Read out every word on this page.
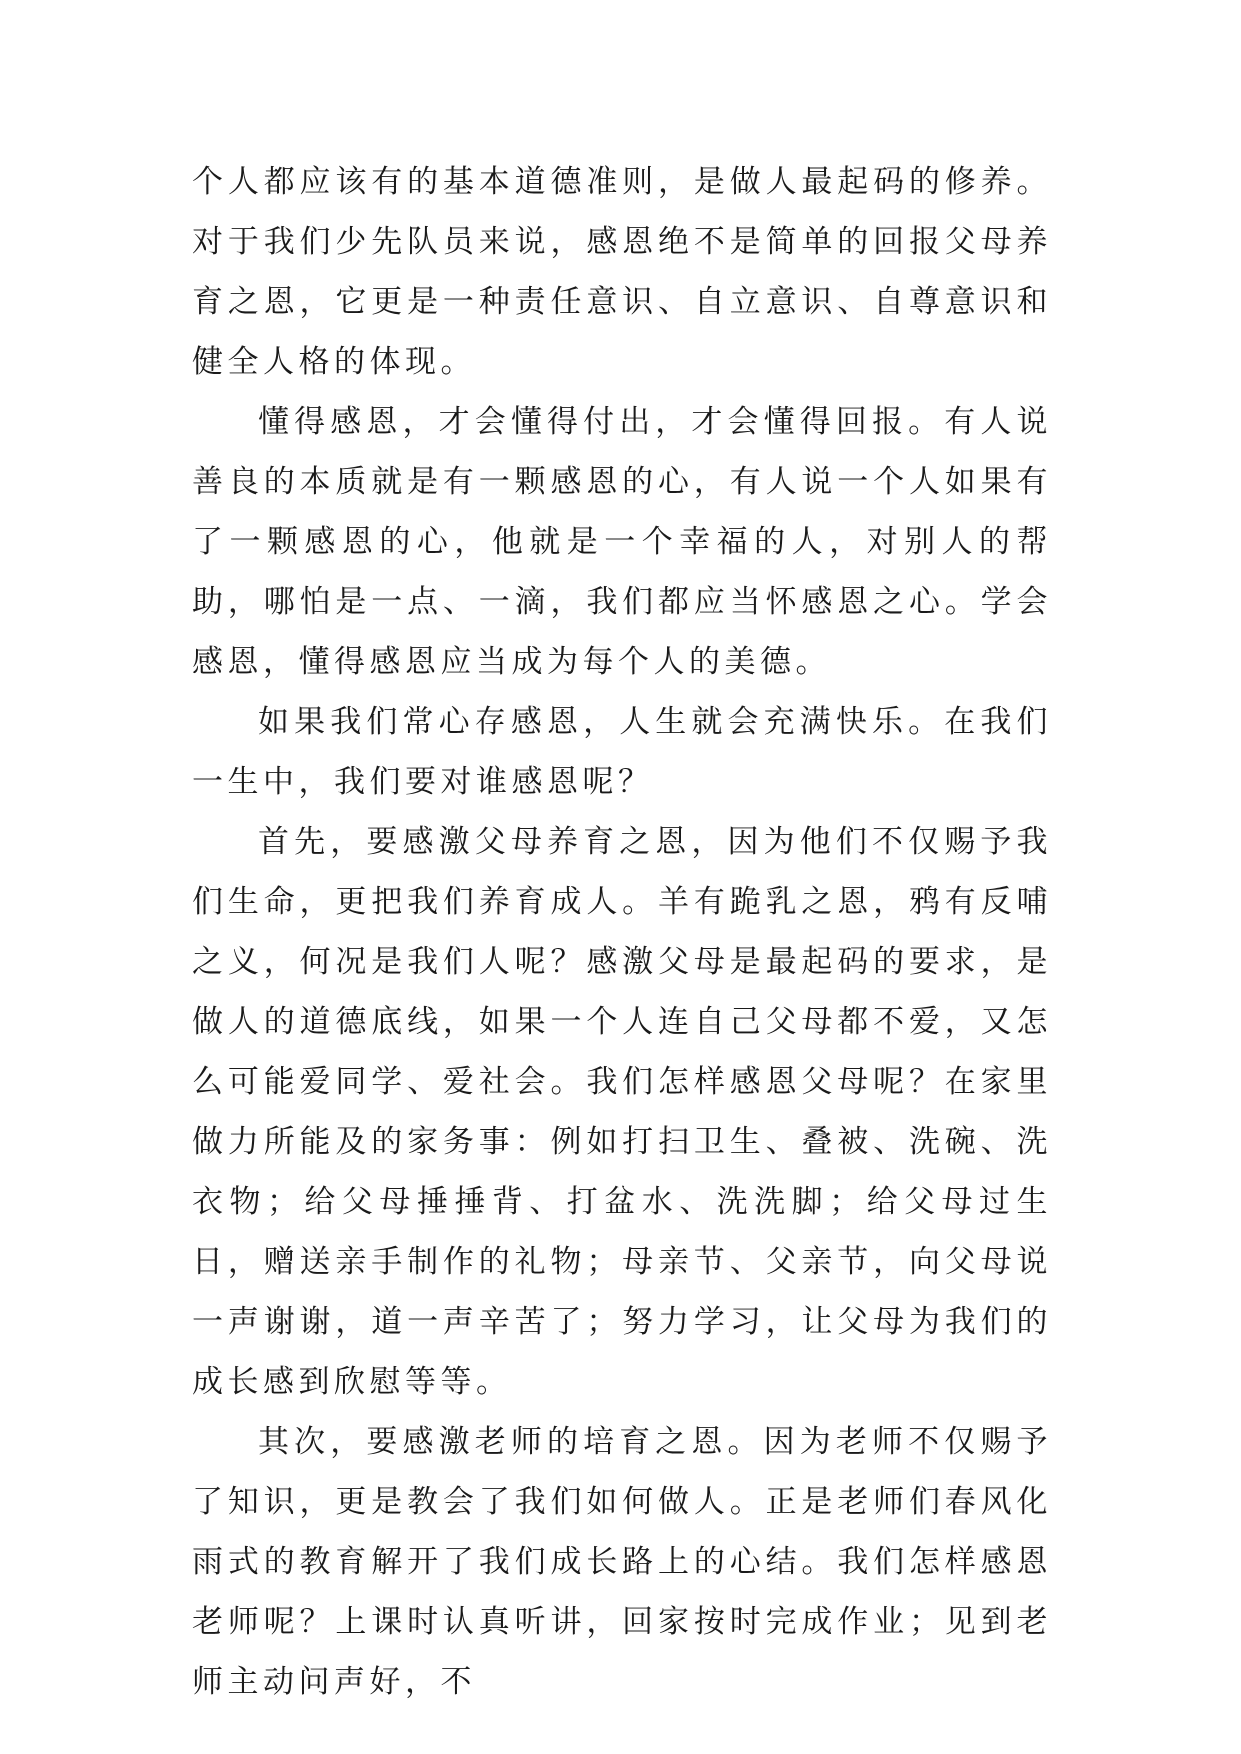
个人都应该有的基本道德准则，是做人最起码的修养。对于我们少先队员来说，感恩绝不是简单的回报父母养育之恩，它更是一种责任意识、自立意识、自尊意识和健全人格的体现。

懂得感恩，才会懂得付出，才会懂得回报。有人说善良的本质就是有一颗感恩的心，有人说一个人如果有了一颗感恩的心，他就是一个幸福的人，对别人的帮助，哪怕是一点、一滴，我们都应当怀感恩之心。学会感恩，懂得感恩应当成为每个人的美德。

如果我们常心存感恩，人生就会充满快乐。在我们一生中，我们要对谁感恩呢？

首先，要感激父母养育之恩，因为他们不仅赐予我们生命，更把我们养育成人。羊有跪乳之恩，鸦有反哺之义，何况是我们人呢？感激父母是最起码的要求，是做人的道德底线，如果一个人连自己父母都不爱，又怎么可能爱同学、爱社会。我们怎样感恩父母呢？在家里做力所能及的家务事：例如打扫卫生、叠被、洗碗、洗衣物；给父母捶捶背、打盆水、洗洗脚；给父母过生日，赠送亲手制作的礼物；母亲节、父亲节，向父母说一声谢谢，道一声辛苦了；努力学习，让父母为我们的成长感到欣慰等等。

其次，要感激老师的培育之恩。因为老师不仅赐予了知识，更是教会了我们如何做人。正是老师们春风化雨式的教育解开了我们成长路上的心结。我们怎样感恩老师呢？上课时认真听讲，回家按时完成作业；见到老师主动问声好，不
